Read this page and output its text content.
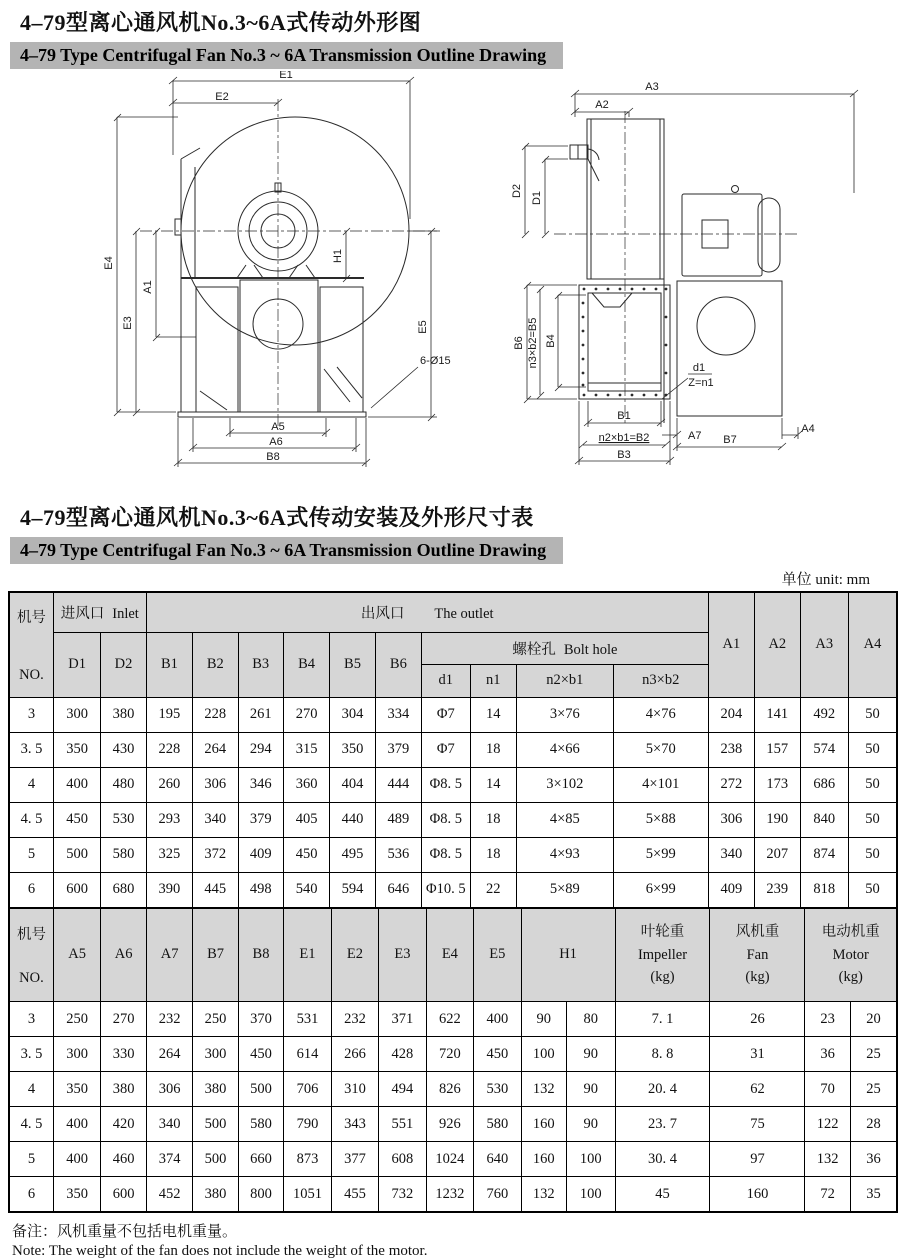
4–79型离心通风机No.3~6A式传动外形图
4–79 Type Centrifugal Fan No.3 ~ 6A Transmission Outline Drawing
E1
E2
E4
E3
A1
H1
E5
6-Ø15
A5
A6
B8
A3
A2
D2 D1
B6 n3×b2=B5 B4
d1
Z=n1
B1
n2×b1=B2
B3
A7 B7
A4
4–79型离心通风机No.3~6A式传动安装及外形尺寸表
4–79 Type Centrifugal Fan No.3 ~ 6A Transmission Outline Drawing
单位 unit: mm
机号
NO.	进风口 Inlet		出风口 The outlet										A1	A2	A3	A4
	D1	D2	B1	B2	B3	B4	B5	B6	螺栓孔 Bolt hole							
									d1	n1	n2×b1	n3×b2				
3	300	380	195	228	261	270	304	334	Φ7	14	3×76	4×76	204	141	492	50
3. 5	350	430	228	264	294	315	350	379	Φ7	18	4×66	5×70	238	157	574	50
4	400	480	260	306	346	360	404	444	Φ8. 5	14	3×102	4×101	272	173	686	50
4. 5	450	530	293	340	379	405	440	489	Φ8. 5	18	4×85	5×88	306	190	840	50
5	500	580	325	372	409	450	495	536	Φ8. 5	18	4×93	5×99	340	207	874	50
6	600	680	390	445	498	540	594	646	Φ10. 5	22	5×89	6×99	409	239	818	50
机号
NO.
	A5	A6	A7	B7	B8	E1	E2	E3	E4	E5	H1	
叶轮重
Impeller
(kg)

风机重
Fan
(kg)

电动机重
Motor
(kg)

3	250	270	232	250	370	531	232	371	622	400	90	80	7. 1	26	23	20
3. 5	300	330	264	300	450	614	266	428	720	450	100	90	8. 8	31	36	25
4	350	380	306	380	500	706	310	494	826	530	132	90	20. 4	62	70	25
4. 5	400	420	340	500	580	790	343	551	926	580	160	90	23. 7	75	122	28
5	400	460	374	500	660	873	377	608	1024	640	160	100	30. 4	97	132	36
6	350	600	452	380	800	1051	455	732	1232	760	132	100	45	160	72	35
备注：风机重量不包括电机重量。
Note: The weight of the fan does not include the weight of the motor.
